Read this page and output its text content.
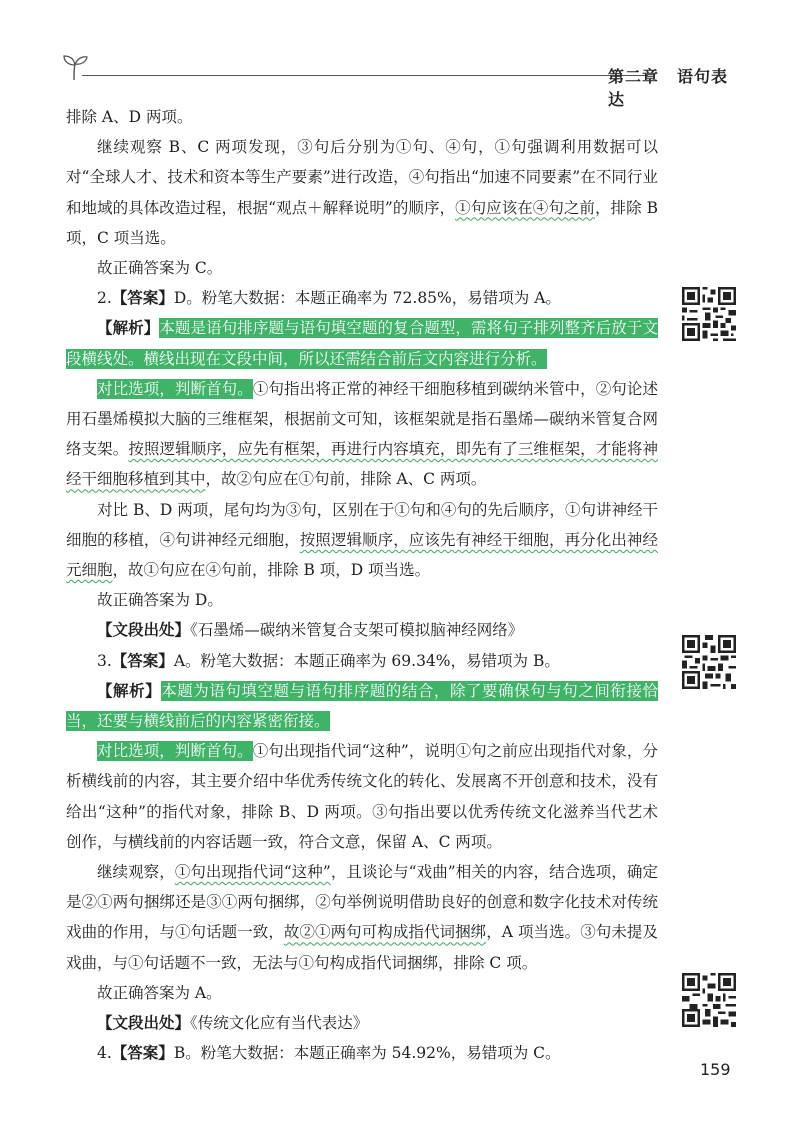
第二章 语句表达

排除 A、D 两项。

继续观察 B、C 两项发现，③句后分别为①句、④句，①句强调利用数据可以对“全球人才、技术和资本等生产要素”进行改造，④句指出“加速不同要素”在不同行业和地域的具体改造过程，根据“观点＋解释说明”的顺序，①句应该在④句之前，排除 B 项，C 项当选。

故正确答案为 C。

2.【答案】D。粉笔大数据：本题正确率为 72.85%，易错项为 A。

【解析】本题是语句排序题与语句填空题的复合题型，需将句子排列整齐后放于文段横线处。横线出现在文段中间，所以还需结合前后文内容进行分析。

对比选项，判断首句。①句指出将正常的神经干细胞移植到碳纳米管中，②句论述用石墨烯模拟大脑的三维框架，根据前文可知，该框架就是指石墨烯—碳纳米管复合网络支架。按照逻辑顺序，应先有框架，再进行内容填充，即先有了三维框架，才能将神经干细胞移植到其中，故②句应在①句前，排除 A、C 两项。

对比 B、D 两项，尾句均为③句，区别在于①句和④句的先后顺序，①句讲神经干细胞的移植，④句讲神经元细胞，按照逻辑顺序，应该先有神经干细胞，再分化出神经元细胞，故①句应在④句前，排除 B 项，D 项当选。

故正确答案为 D。

【文段出处】《石墨烯—碳纳米管复合支架可模拟脑神经网络》

3.【答案】A。粉笔大数据：本题正确率为 69.34%，易错项为 B。

【解析】本题为语句填空题与语句排序题的结合，除了要确保句与句之间衔接恰当，还要与横线前后的内容紧密衔接。

对比选项，判断首句。①句出现指代词“这种”，说明①句之前应出现指代对象，分析横线前的内容，其主要介绍中华优秀传统文化的转化、发展离不开创意和技术，没有给出“这种”的指代对象，排除 B、D 两项。③句指出要以优秀传统文化滋养当代艺术创作，与横线前的内容话题一致，符合文意，保留 A、C 两项。

继续观察，①句出现指代词“这种”，且谈论与“戏曲”相关的内容，结合选项，确定是②①两句捆绑还是③①两句捆绑，②句举例说明借助良好的创意和数字化技术对传统戏曲的作用，与①句话题一致，故②①两句可构成指代词捆绑，A 项当选。③句未提及戏曲，与①句话题不一致，无法与①句构成指代词捆绑，排除 C 项。

故正确答案为 A。

【文段出处】《传统文化应有当代表达》

4.【答案】B。粉笔大数据：本题正确率为 54.92%，易错项为 C。

159
